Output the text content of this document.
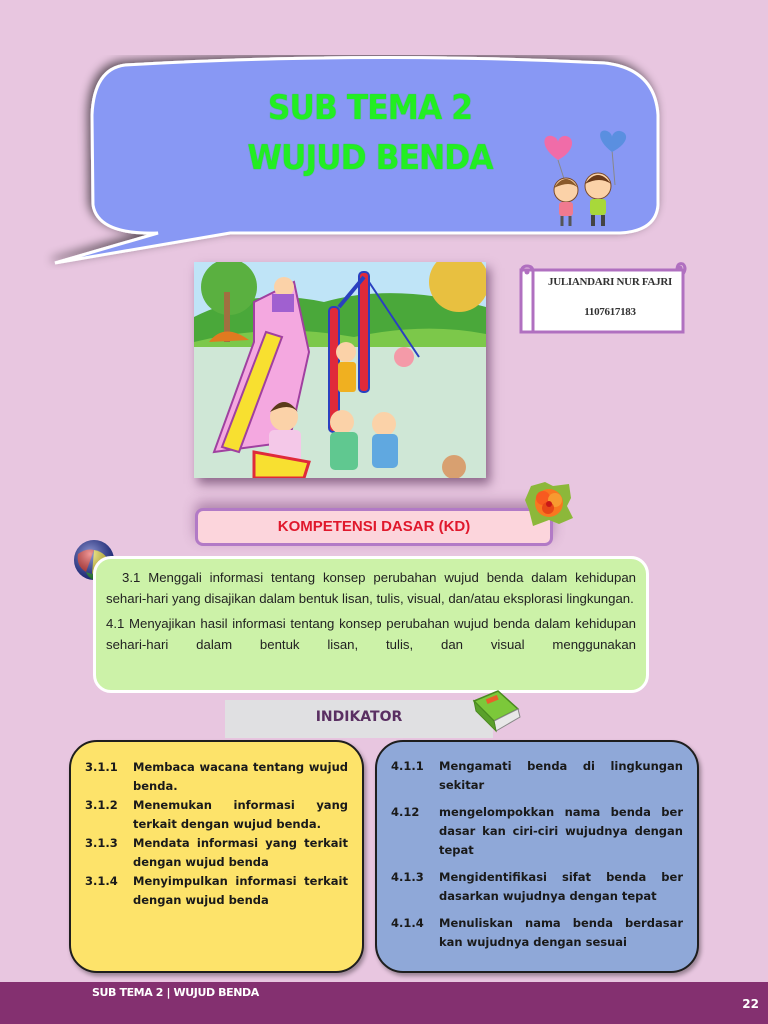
SUB TEMA 2
WUJUD BENDA
JULIANDARI NUR FAJRI
1107617183
KOMPETENSI DASAR (KD)

3.1 Menggali informasi tentang konsep perubahan wujud benda dalam kehidupan sehari-hari yang disajikan dalam bentuk lisan, tulis, visual, dan/atau eksplorasi lingkungan.

4.1 Menyajikan hasil informasi tentang konsep perubahan wujud benda dalam kehidupan sehari-hari dalam bentuk lisan, tulis, dan visual menggunakan

INDIKATOR
3.1.1	Membaca wacana tentang wujud benda.
3.1.2	Menemukan informasi yang terkait dengan wujud benda.
3.1.3	Mendata informasi yang terkait dengan wujud benda
3.1.4	Menyimpulkan informasi terkait dengan wujud benda
4.1.1	Mengamati benda di lingkungan sekitar
4.12	mengelompokkan nama benda ber dasar kan ciri-ciri wujudnya dengan tepat
4.1.3	Mengidentifikasi sifat benda ber dasarkan wujudnya dengan tepat
4.1.4	Menuliskan nama benda berdasar kan wujudnya dengan sesuai
SUB TEMA 2 | WUJUD BENDA
22
